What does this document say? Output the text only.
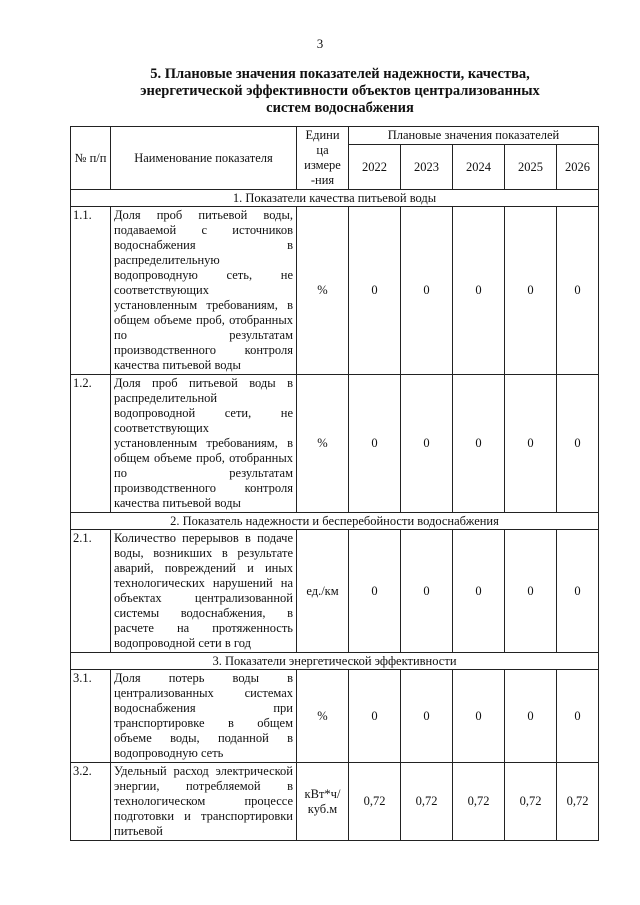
3
5. Плановые значения показателей надежности, качества,
энергетической эффективности объектов централизованных
систем водоснабжения
№ п/п	Наименование показателя	Едини ца измере -ния	Плановые значения показателей				
			2022	2023	2024	2025	2026
1. Показатели качества питьевой воды							
1.1.	Доля проб питьевой воды, подаваемой с источников водоснабжения в распределительную водопроводную сеть, не соответствующих установленным требованиям, в общем объеме проб, отобранных по результатам производственного контроля качества питьевой воды	%	0	0	0	0	0
1.2.	Доля проб питьевой воды в распределительной водопроводной сети, не соответствующих установленным требованиям, в общем объеме проб, отобранных по результатам производственного контроля качества питьевой воды	%	0	0	0	0	0
2. Показатель надежности и бесперебойности водоснабжения							
2.1.	Количество перерывов в подаче воды, возникших в результате аварий, повреждений и иных технологических нарушений на объектах централизованной системы водоснабжения, в расчете на протяженность водопроводной сети в год	ед./км	0	0	0	0	0
3. Показатели энергетической эффективности							
3.1.	Доля потерь воды в централизованных системах водоснабжения при транспортировке в общем объеме воды, поданной в водопроводную сеть	%	0	0	0	0	0
3.2.	Удельный расход электрической энергии, потребляемой в технологическом процессе подготовки и транспортировки питьевой	кВт*ч/ куб.м	0,72	0,72	0,72	0,72	0,72
